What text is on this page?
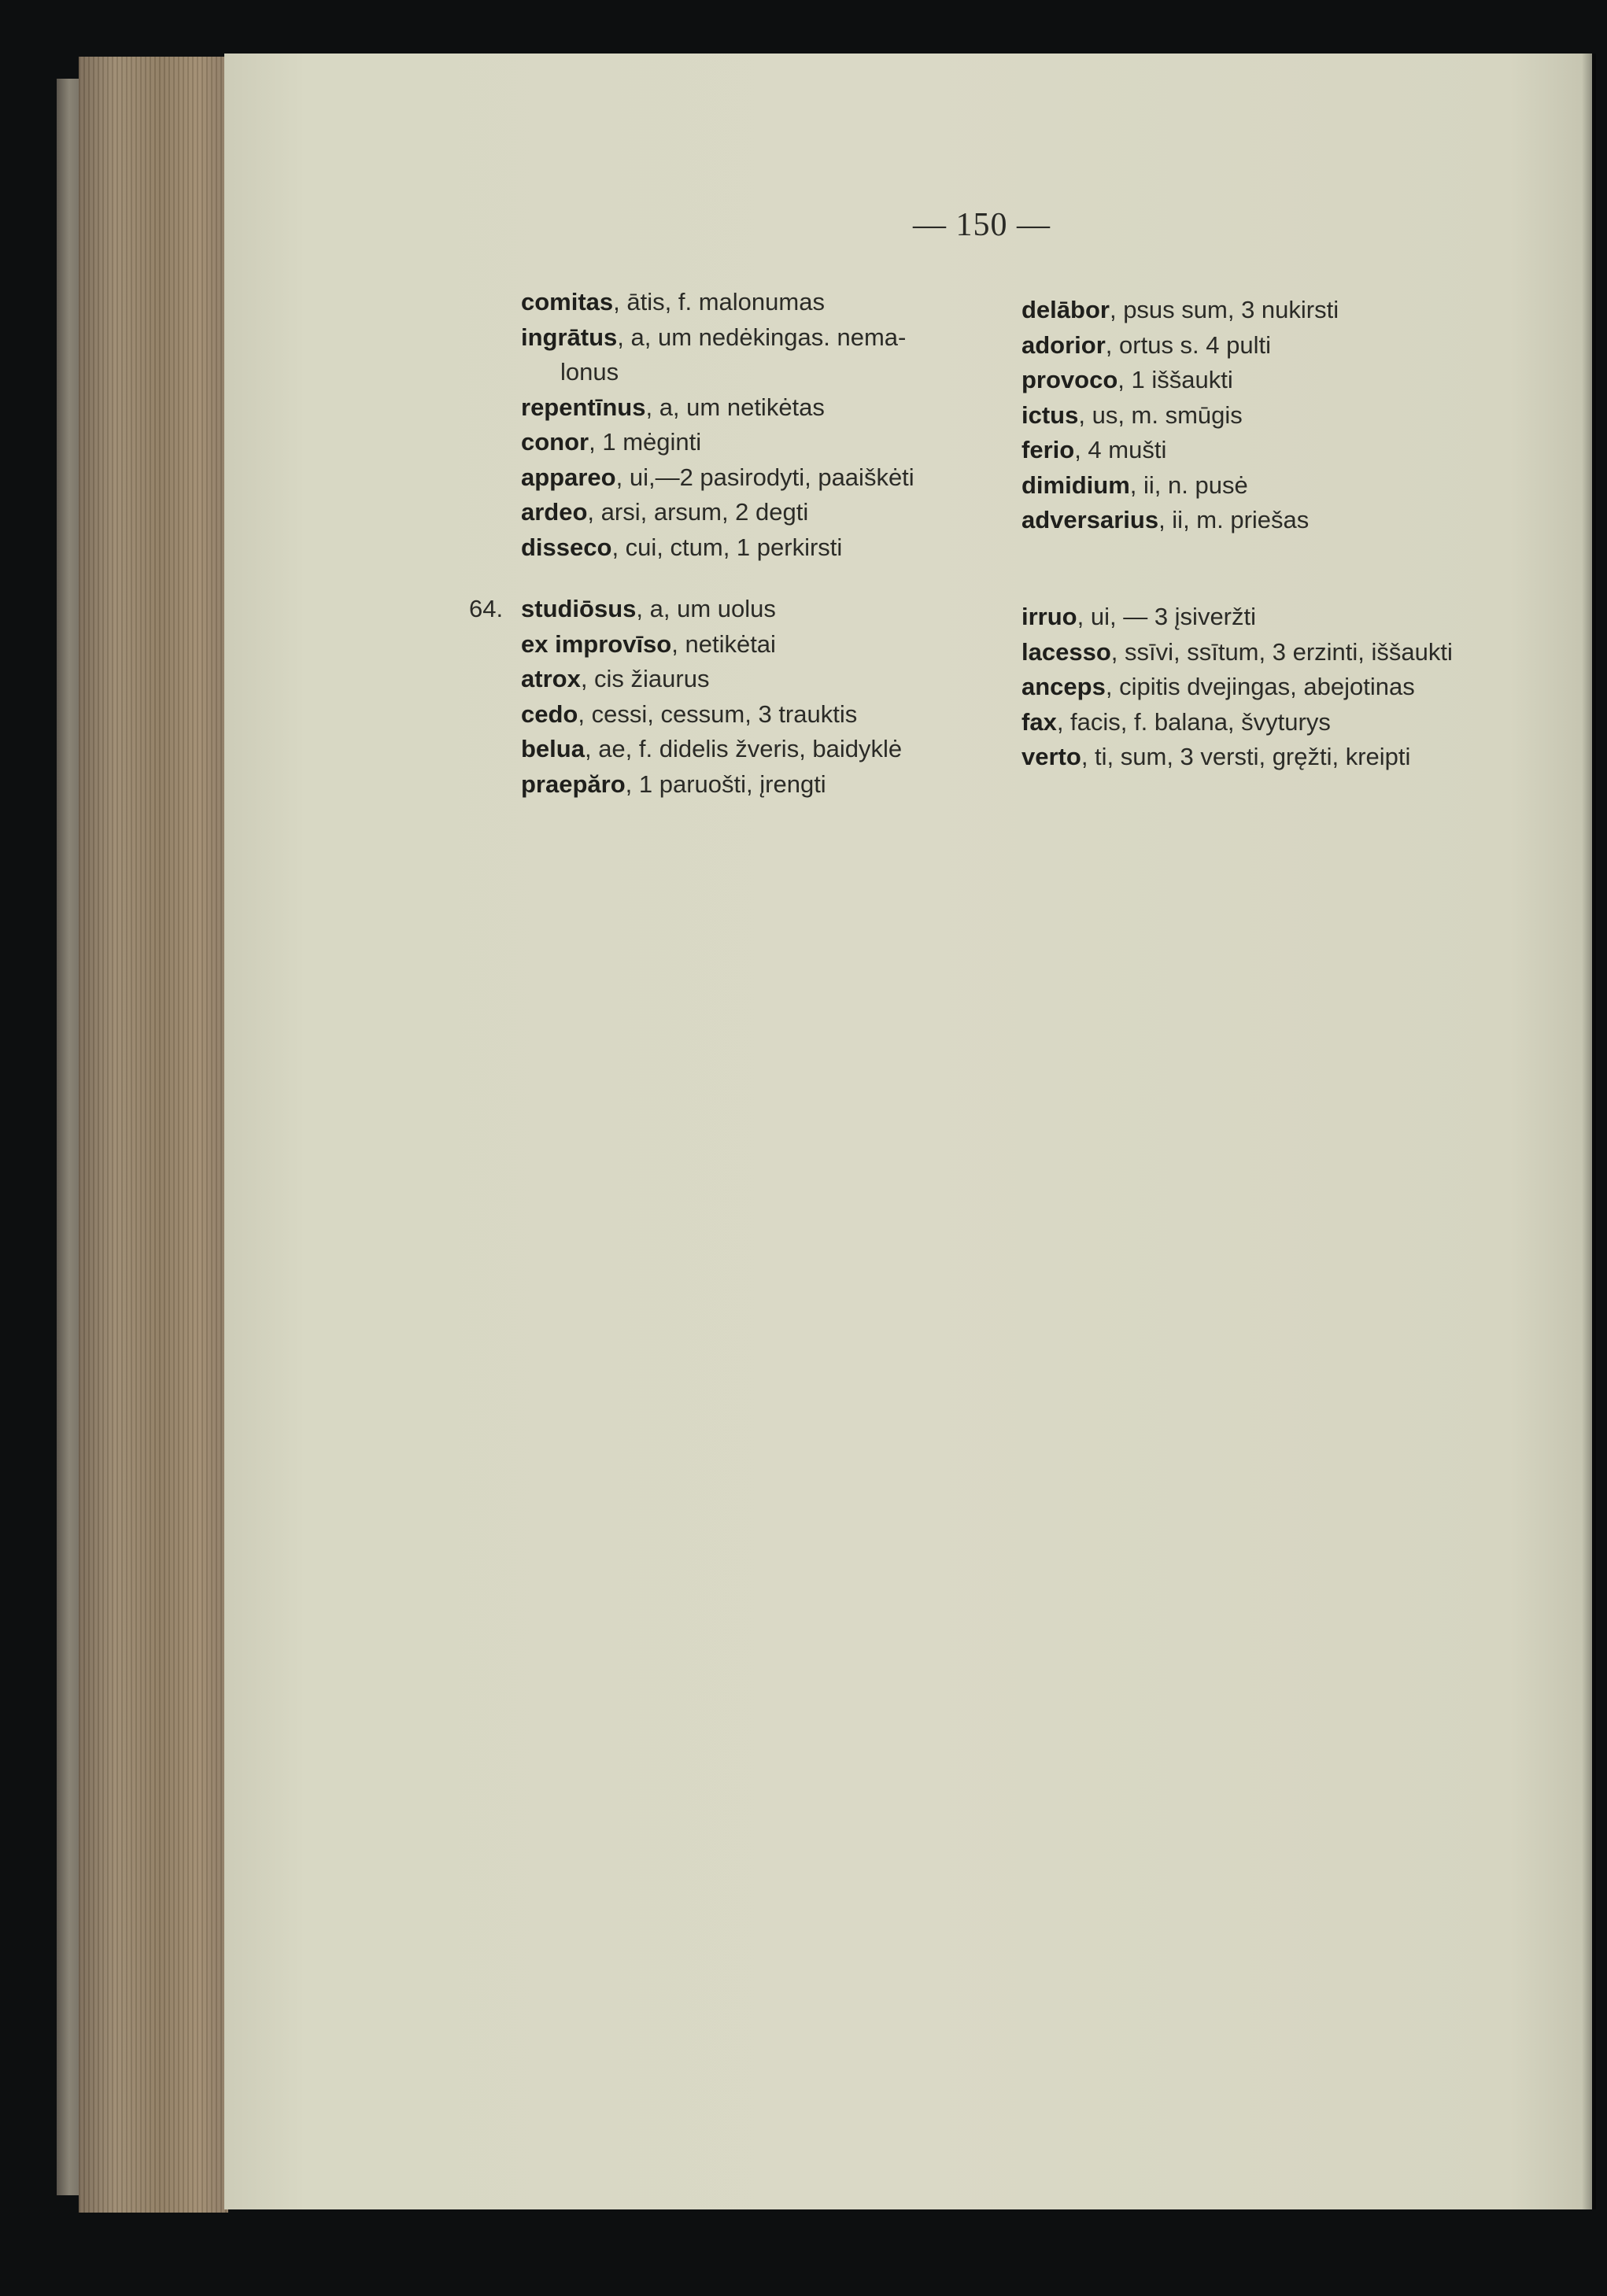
— 150 —
comitas, ātis, f. malonumas
ingrātus, a, um nedėkingas. nema-
lonus
repentīnus, a, um netikėtas
conor, 1 mėginti
appareo, ui,—2 pasirodyti, paaiškėti
ardeo, arsi, arsum, 2 degti
disseco, cui, ctum, 1 perkirsti
delābor, psus sum, 3 nukirsti
adorior, ortus s. 4 pulti
provoco, 1 iššaukti
ictus, us, m. smūgis
ferio, 4 mušti
dimidium, ii, n. pusė
adversarius, ii, m. priešas
64. studiōsus, a, um uolus
ex improvīso, netikėtai
atrox, cis žiaurus
cedo, cessi, cessum, 3 trauktis
belua, ae, f. didelis žveris, baidyklė
praepăro, 1 paruošti, įrengti
irruo, ui, — 3 įsiveržti
lacesso, ssīvi, ssītum, 3 erzinti, iššaukti
anceps, cipitis dvejingas, abejotinas
fax, facis, f. balana, švyturys
verto, ti, sum, 3 versti, gręžti, kreipti
